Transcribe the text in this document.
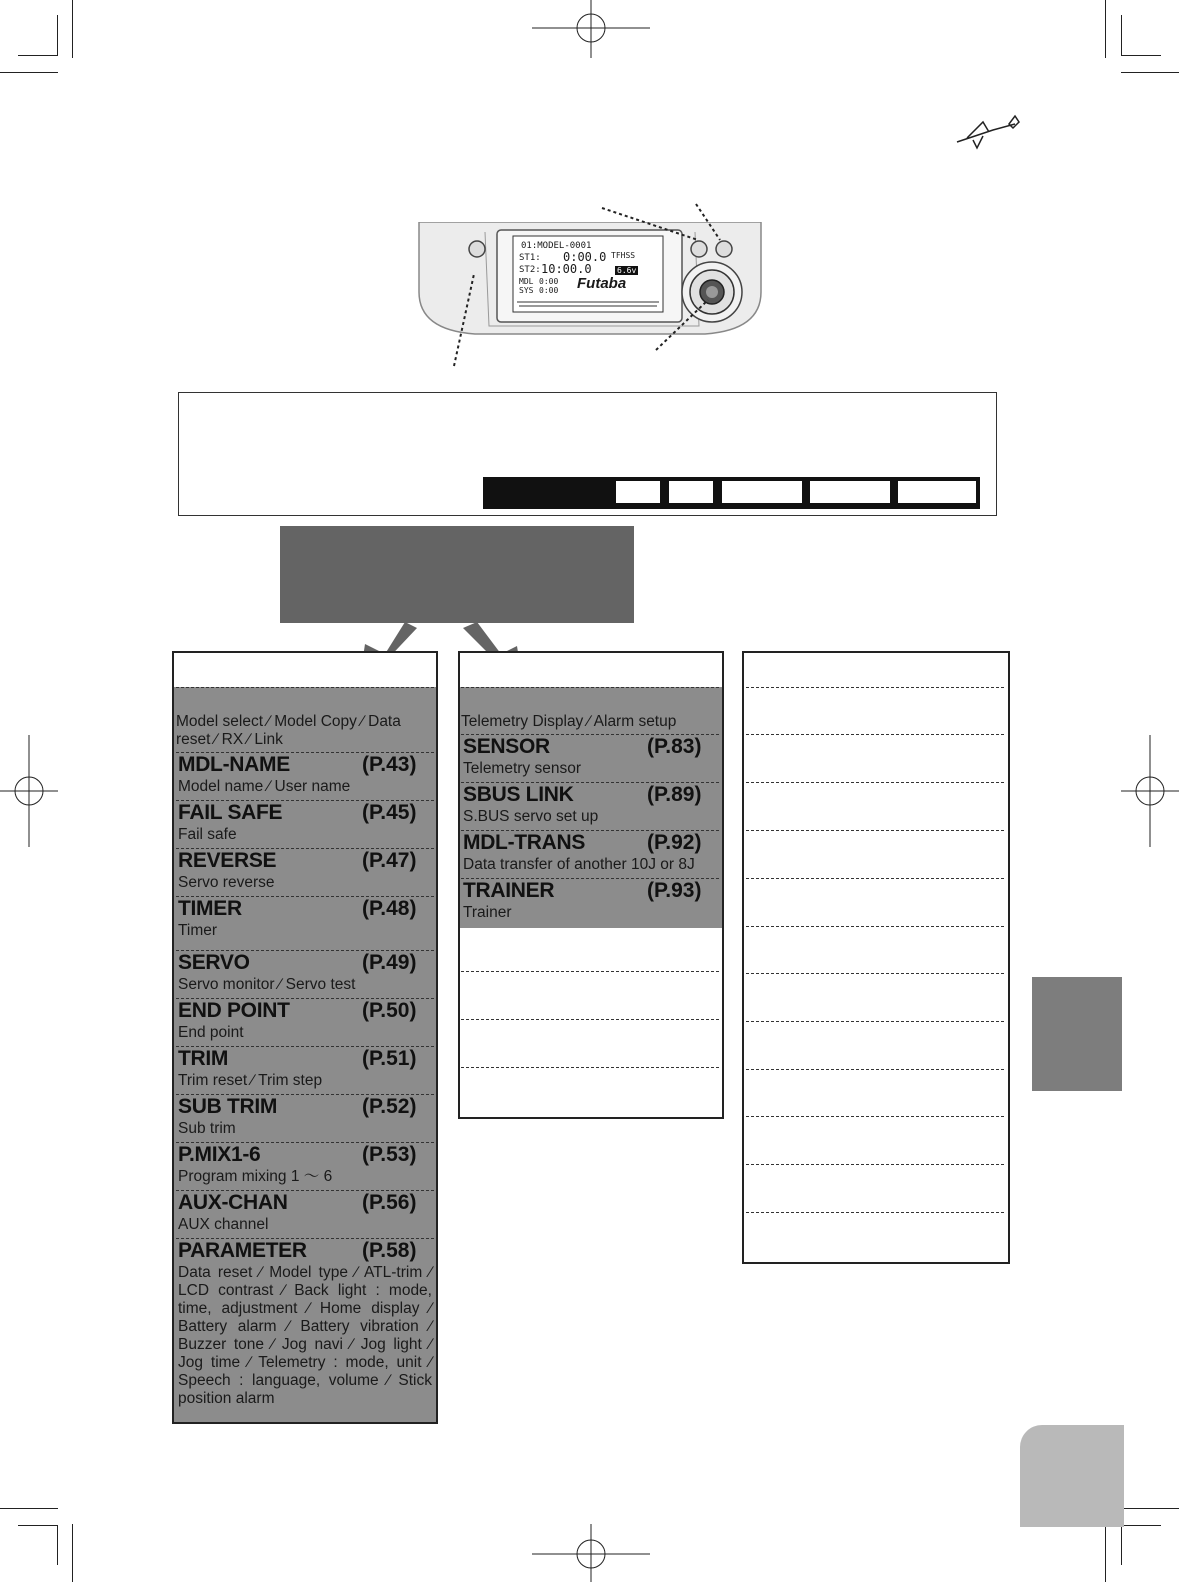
01:MODEL-0001
ST1: 0:00.0
ST2: 10:00.0
TFHSS
6.6v
MDL 0:00
SYS 0:00 Futaba
Model select ∕ Model Copy ∕ Data reset ∕ RX ∕ Link
Telemetry Display ∕ Alarm setup
MDL-NAME	(P.43)
Model name ∕ User name
FAIL SAFE	(P.45)
Fail safe
REVERSE	(P.47)
Servo reverse
TIMER	(P.48)
Timer
SERVO	(P.49)
Servo monitor ∕ Servo test
END POINT	(P.50)
End point
TRIM	(P.51)
Trim reset ∕ Trim step
SUB TRIM	(P.52)
Sub trim
P.MIX1-6	(P.53)
Program mixing 1 〜 6
AUX-CHAN	(P.56)
AUX channel
PARAMETER	(P.58)
Data reset ∕ Model type ∕ ATL-trim ∕ LCD contrast ∕ Back light : mode, time, adjustment ∕ Home display ∕ Battery alarm ∕ Battery vibration ∕ Buzzer tone ∕ Jog navi ∕ Jog light ∕ Jog time ∕ Telemetry : mode, unit ∕ Speech : language, volume ∕ Stick position alarm
SENSOR	(P.83)
Telemetry sensor
SBUS LINK	(P.89)
S.BUS servo set up
MDL-TRANS	(P.92)
Data transfer of another 10J or 8J
TRAINER	(P.93)
Trainer
